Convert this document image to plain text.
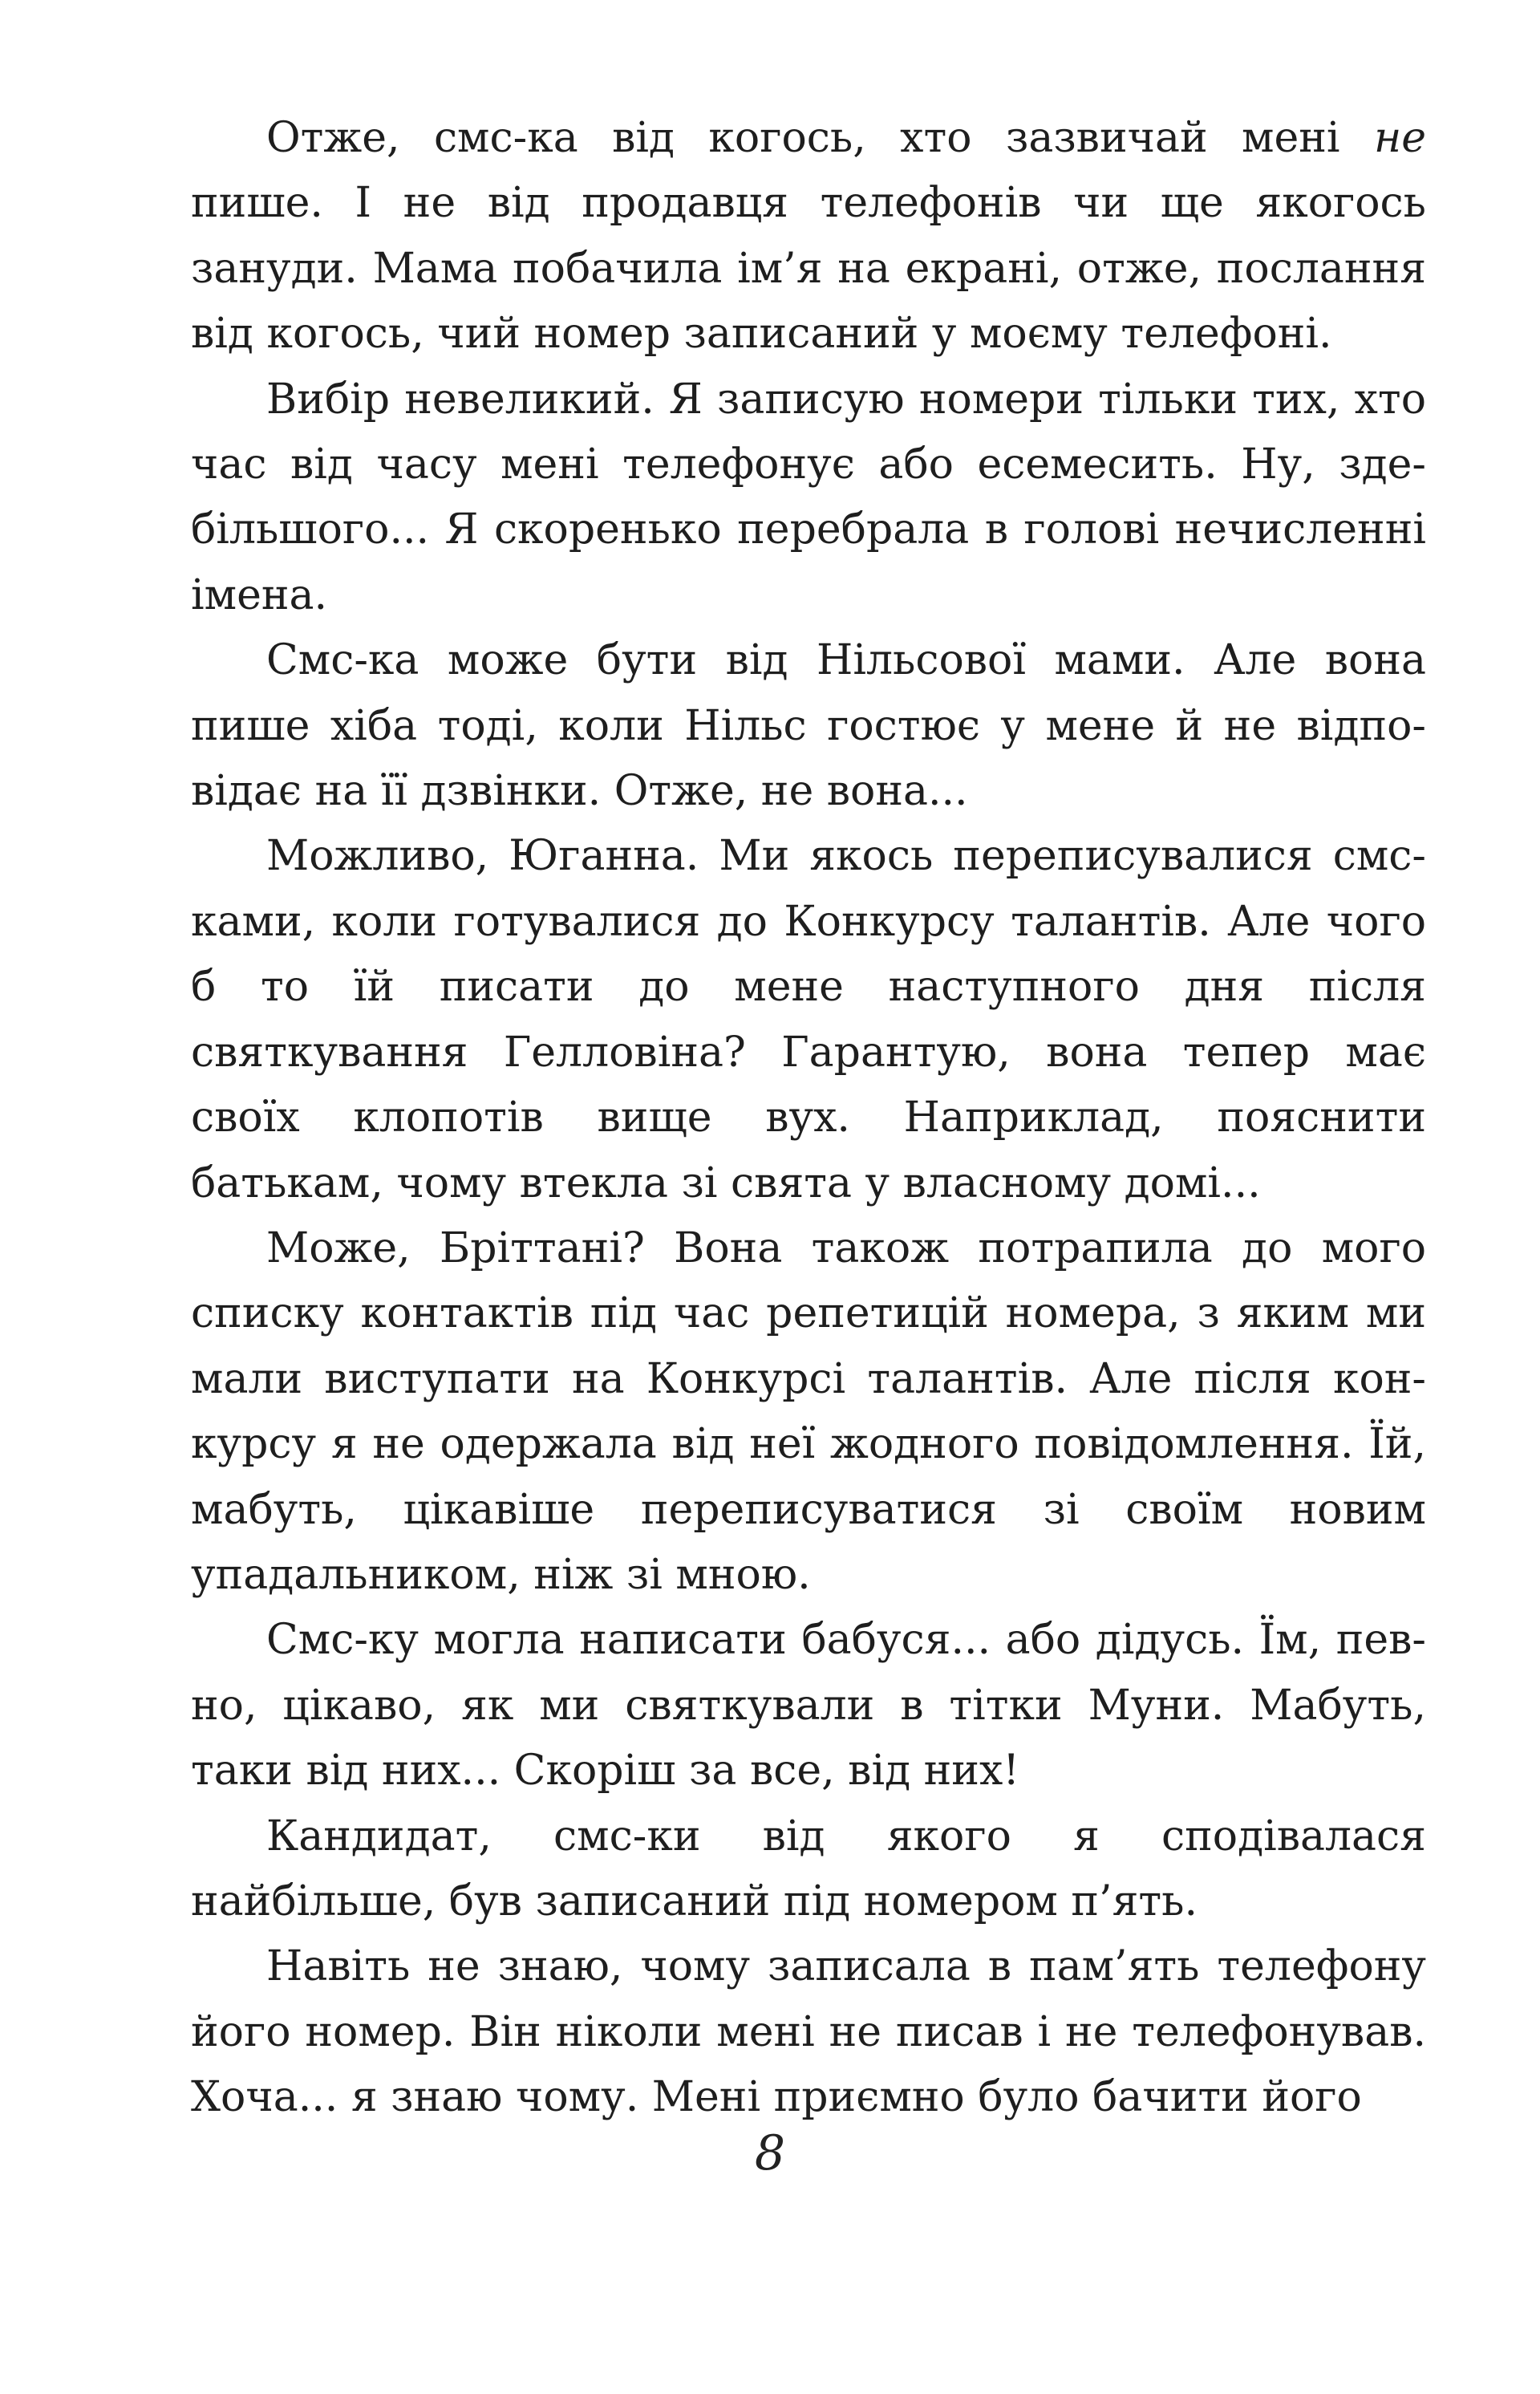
Отже, смс-ка від когось, хто зазвичай мені не пише. І не від продавця телефонів чи ще якогось зануди. Мама побачила ім’я на екрані, отже, послання від когось, чий номер записаний у моєму телефоні.

Вибір невеликий. Я записую номери тільки тих, хто час від часу мені телефонує або есемесить. Ну, здебільшого... Я скоренько перебрала в голові нечисленні імена.

Смс-ка може бути від Нільсової мами. Але вона пише хіба тоді, коли Нільс гостює у мене й не відповідає на її дзвінки. Отже, не вона...

Можливо, Юганна. Ми якось переписувалися смсками, коли готувалися до Конкурсу талантів. Але чого б то їй писати до мене наступного дня після святкування Гелловіна? Гарантую, вона тепер має своїх клопотів вище вух. Наприклад, пояснити батькам, чому втекла зі свята у власному домі...

Може, Бріттані? Вона також потрапила до мого списку контактів під час репетицій номера, з яким ми мали виступати на Конкурсі талантів. Але після конкурсу я не одержала від неї жодного повідомлення. Їй, мабуть, цікавіше переписуватися зі своїм новим упадальником, ніж зі мною.

Смс-ку могла написати бабуся... або дідусь. Їм, певно, цікаво, як ми святкували в тітки Муни. Мабуть, таки від них... Скоріш за все, від них!

Кандидат, смс-ки від якого я сподівалася найбільше, був записаний під номером п’ять.

Навіть не знаю, чому записала в пам’ять телефону його номер. Він ніколи мені не писав і не телефонував. Хоча... я знаю чому. Мені приємно було бачити його

8
